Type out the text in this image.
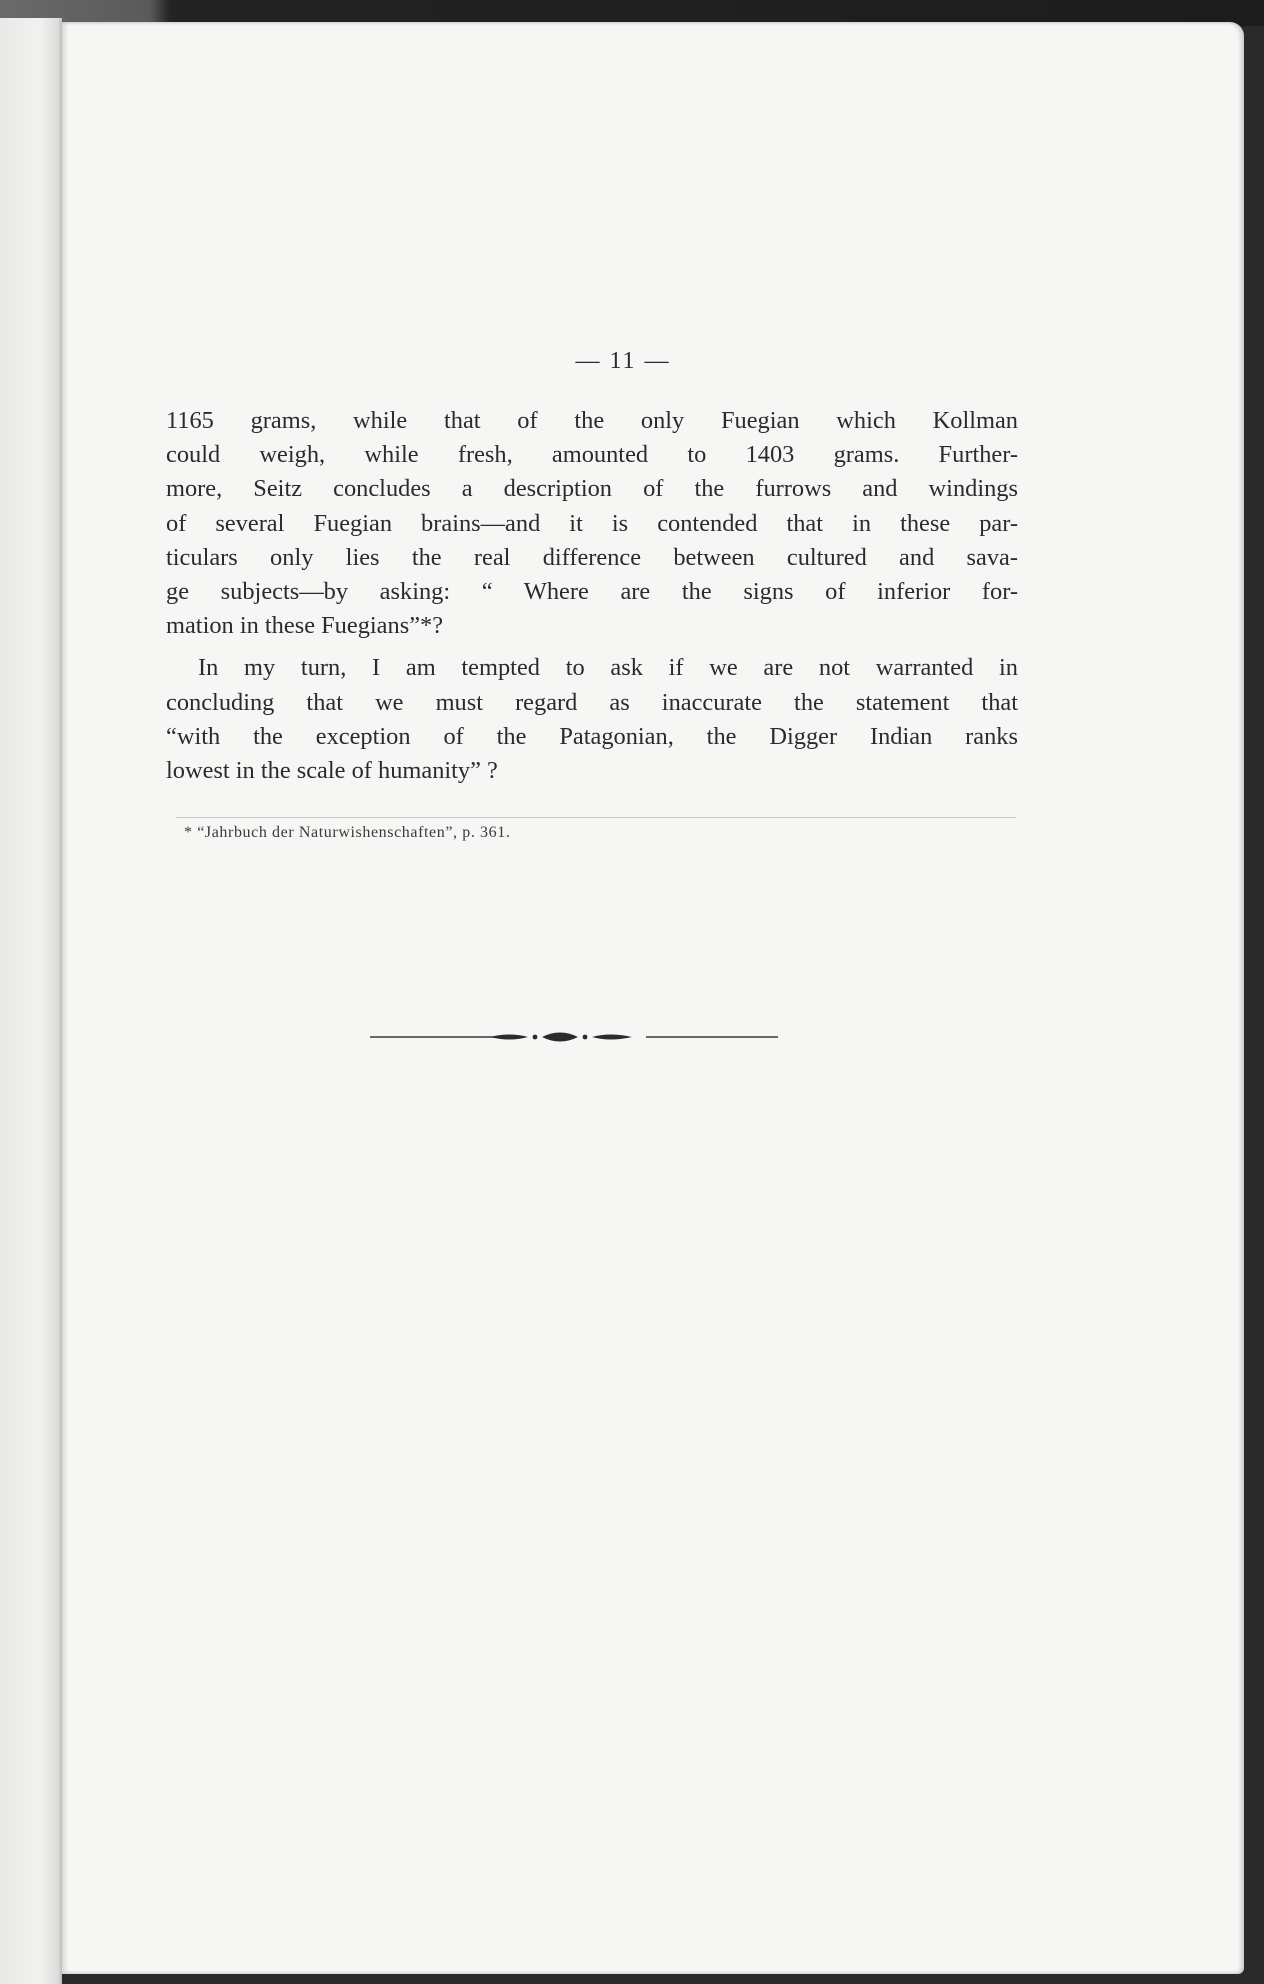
— 11 —
1165 grams, while that of the only Fuegian which Kollman
could weigh, while fresh, amounted to 1403 grams. Further-
more, Seitz concludes a description of the furrows and windings
of several Fuegian brains—and it is contended that in these par-
ticulars only lies the real difference between cultured and sava-
ge subjects—by asking: “ Where are the signs of inferior for-
mation in these Fuegians”*?
In my turn, I am tempted to ask if we are not warranted in
concluding that we must regard as inaccurate the statement that
“with the exception of the Patagonian, the Digger Indian ranks
lowest in the scale of humanity” ?
* “Jahrbuch der Naturwishenschaften”, p. 361.
